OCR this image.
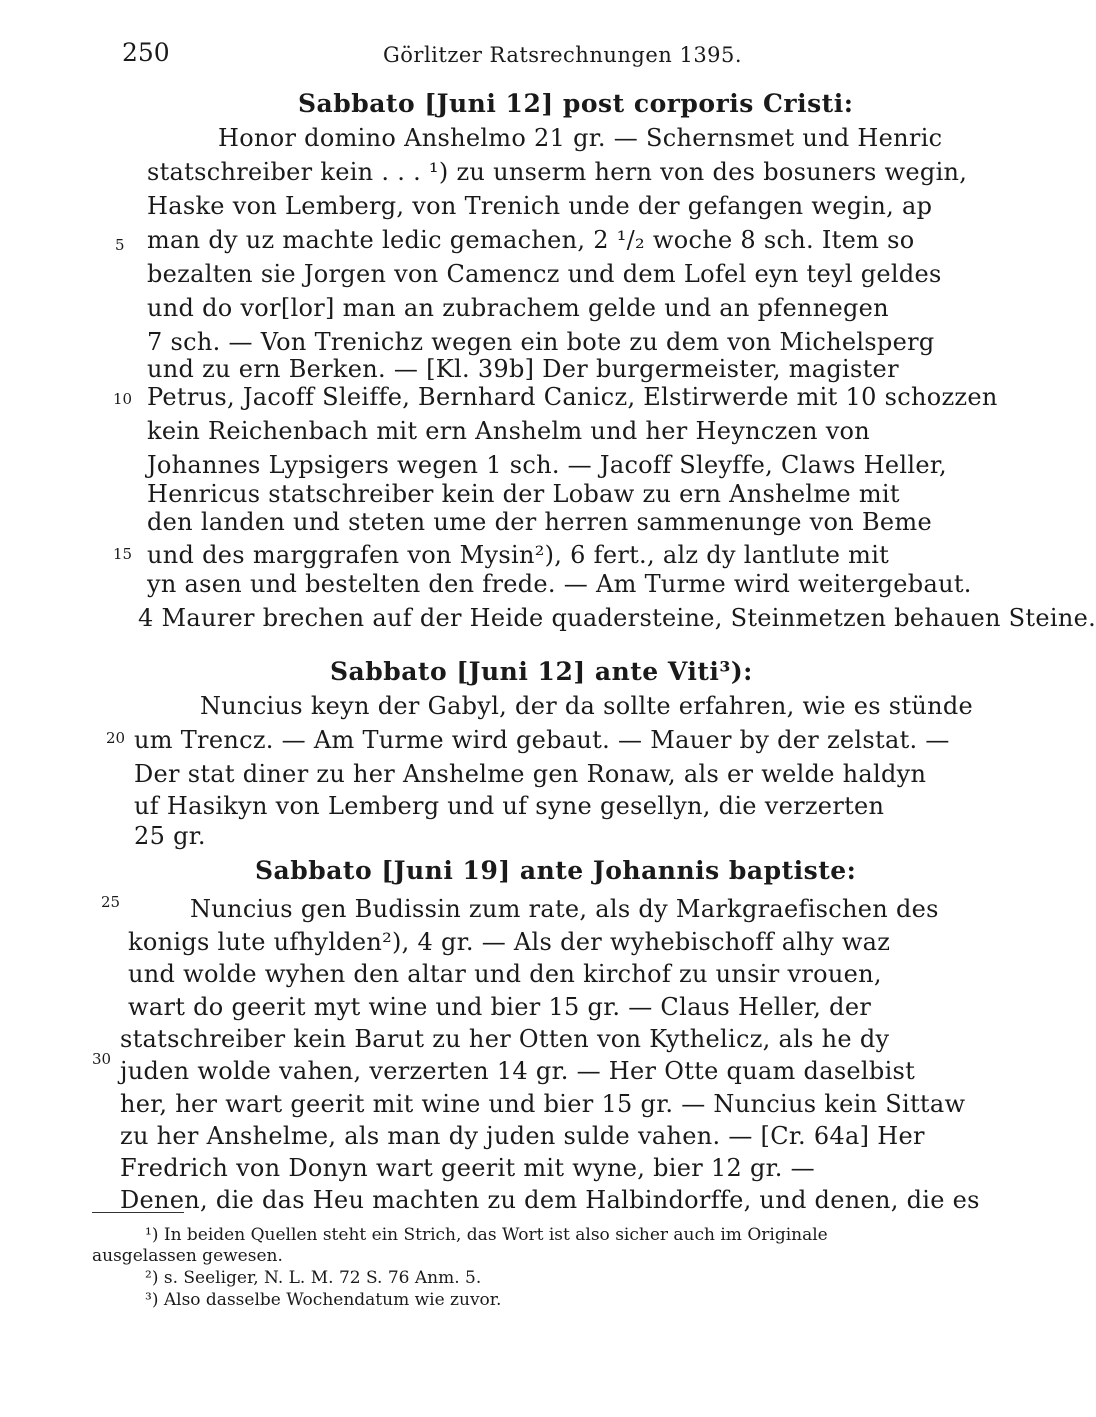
250	Görlitzer Ratsrechnungen 1395.
Sabbato [Juni 12] post corporis Cristi:
Honor domino Anshelmo 21 gr. — Schernsmet und Henric
statschreiber kein . . . ¹) zu unserm hern von des bosuners wegin,
Haske von Lemberg, von Trenich unde der gefangen wegin, ap
man dy uz machte ledic gemachen, 2 ¹/₂ woche 8 sch. Item so
bezalten sie Jorgen von Camencz und dem Lofel eyn teyl geldes
und do vor[lor] man an zubrachem gelde und an pfennegen
7 sch. — Von Trenichz wegen ein bote zu dem von Michelsperg
und zu ern Berken. — [Kl. 39b] Der burgermeister, magister
Petrus, Jacoff Sleiffe, Bernhard Canicz, Elstirwerde mit 10 schozzen
kein Reichenbach mit ern Anshelm und her Heynczen von
Johannes Lypsigers wegen 1 sch. — Jacoff Sleyffe, Claws Heller,
Henricus statschreiber kein der Lobaw zu ern Anshelme mit
den landen und steten ume der herren sammenunge von Beme
und des marggrafen von Mysin²), 6 fert., alz dy lantlute mit
yn asen und bestelten den frede. — Am Turme wird weitergebaut.
4 Maurer brechen auf der Heide quadersteine, Steinmetzen behauen Steine.
Sabbato [Juni 12] ante Viti³):
Nuncius keyn der Gabyl, der da sollte erfahren, wie es stünde
um Trencz. — Am Turme wird gebaut. — Mauer by der zelstat. —
Der stat diner zu her Anshelme gen Ronaw, als er welde haldyn
uf Hasikyn von Lemberg und uf syne gesellyn, die verzerten
25 gr.
Sabbato [Juni 19] ante Johannis baptiste:
Nuncius gen Budissin zum rate, als dy Markgraefischen des
konigs lute ufhylden²), 4 gr. — Als der wyhebischoff alhy waz
und wolde wyhen den altar und den kirchof zu unsir vrouen,
wart do geerit myt wine und bier 15 gr. — Claus Heller, der
statschreiber kein Barut zu her Otten von Kythelicz, als he dy
juden wolde vahen, verzerten 14 gr. — Her Otte quam daselbist
her, her wart geerit mit wine und bier 15 gr. — Nuncius kein Sittaw
zu her Anshelme, als man dy juden sulde vahen. — [Cr. 64a] Her
Fredrich von Donyn wart geerit mit wyne, bier 12 gr. —
Denen, die das Heu machten zu dem Halbindorffe, und denen, die es
5
10
15
20
25
30
¹) In beiden Quellen steht ein Strich, das Wort ist also sicher auch im Originale
ausgelassen gewesen.
²) s. Seeliger, N. L. M. 72 S. 76 Anm. 5.
³) Also dasselbe Wochendatum wie zuvor.
